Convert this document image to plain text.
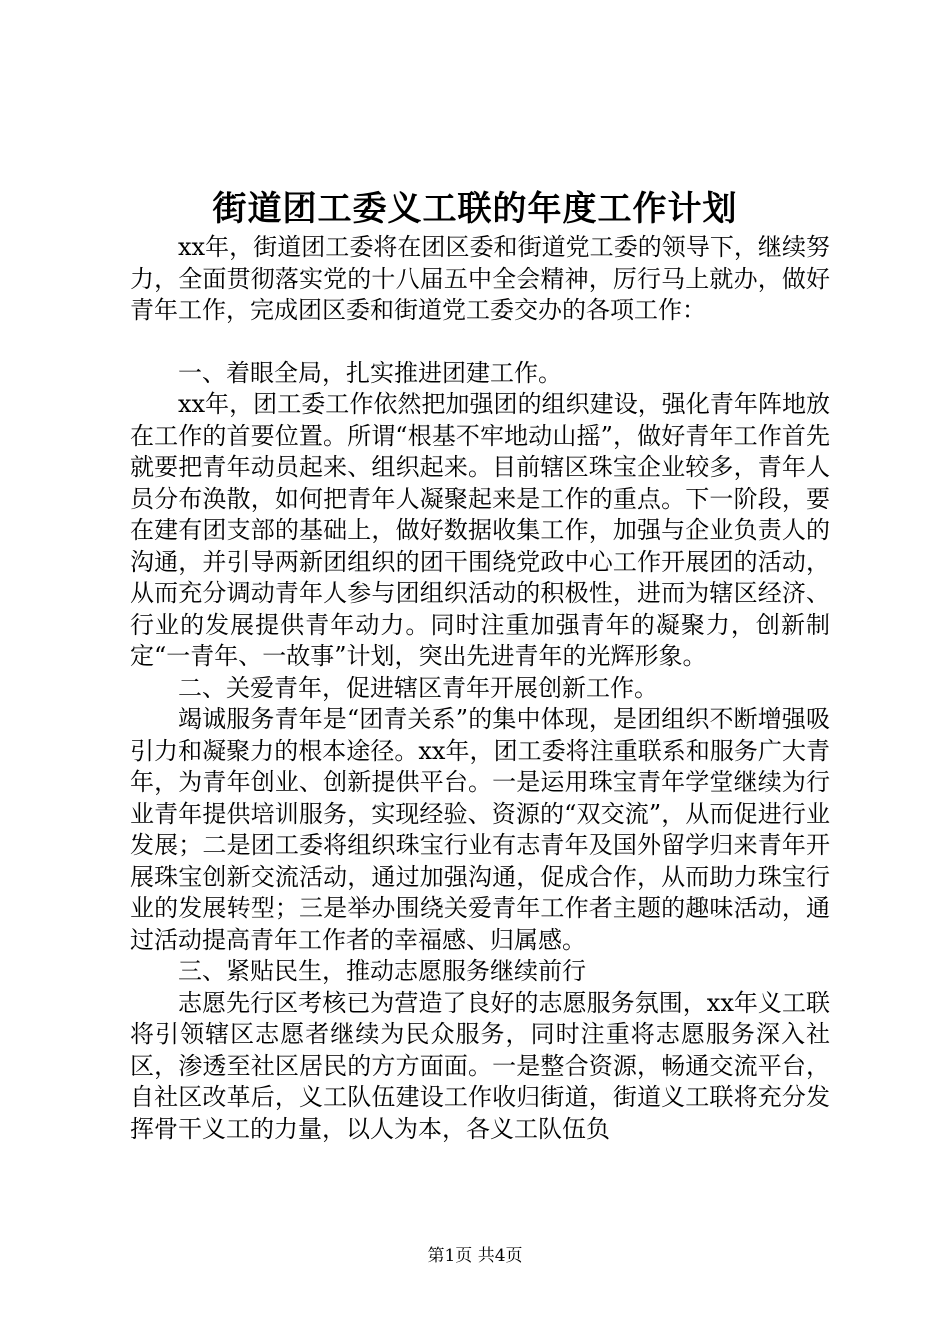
街道团工委义工联的年度工作计划

xx年，街道团工委将在团区委和街道党工委的领导下，继续努力，全面贯彻落实党的十八届五中全会精神，厉行马上就办，做好青年工作，完成团区委和街道党工委交办的各项工作：

一、着眼全局，扎实推进团建工作。

xx年，团工委工作依然把加强团的组织建设，强化青年阵地放在工作的首要位置。所谓“根基不牢地动山摇”，做好青年工作首先就要把青年动员起来、组织起来。目前辖区珠宝企业较多，青年人员分布涣散，如何把青年人凝聚起来是工作的重点。下一阶段，要在建有团支部的基础上，做好数据收集工作，加强与企业负责人的沟通，并引导两新团组织的团干围绕党政中心工作开展团的活动，从而充分调动青年人参与团组织活动的积极性，进而为辖区经济、行业的发展提供青年动力。同时注重加强青年的凝聚力，创新制定“一青年、一故事”计划，突出先进青年的光辉形象。

二、关爱青年，促进辖区青年开展创新工作。

竭诚服务青年是“团青关系”的集中体现，是团组织不断增强吸引力和凝聚力的根本途径。xx年，团工委将注重联系和服务广大青年，为青年创业、创新提供平台。一是运用珠宝青年学堂继续为行业青年提供培训服务，实现经验、资源的“双交流”，从而促进行业发展；二是团工委将组织珠宝行业有志青年及国外留学归来青年开展珠宝创新交流活动，通过加强沟通，促成合作，从而助力珠宝行业的发展转型；三是举办围绕关爱青年工作者主题的趣味活动，通过活动提高青年工作者的幸福感、归属感。

三、紧贴民生，推动志愿服务继续前行

志愿先行区考核已为营造了良好的志愿服务氛围，xx年义工联将引领辖区志愿者继续为民众服务，同时注重将志愿服务深入社区，渗透至社区居民的方方面面。一是整合资源，畅通交流平台，自社区改革后，义工队伍建设工作收归街道，街道义工联将充分发挥骨干义工的力量，以人为本，各义工队伍负

第1页 共4页
